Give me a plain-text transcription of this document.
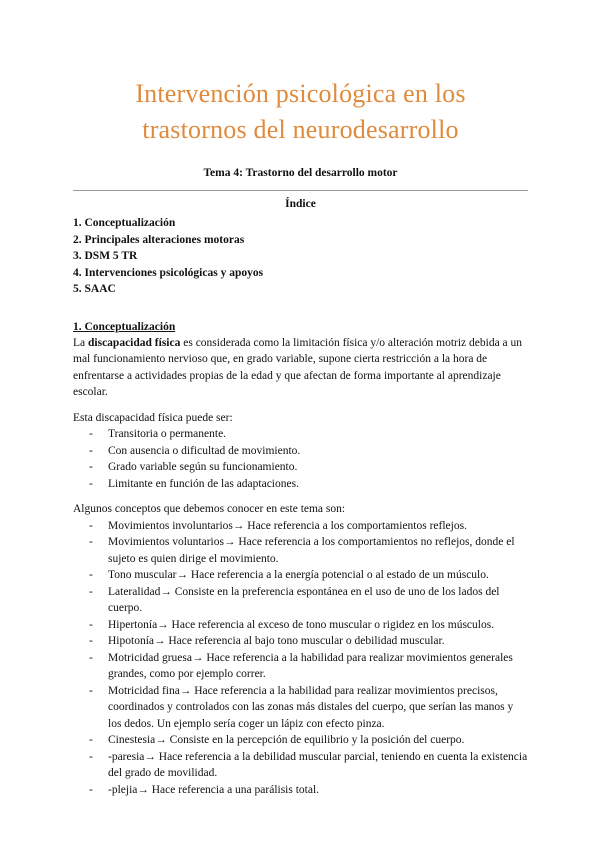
Intervención psicológica en los
trastornos del neurodesarrollo
Tema 4: Trastorno del desarrollo motor
Índice
1. Conceptualización
2. Principales alteraciones motoras
3. DSM 5 TR
4. Intervenciones psicológicas y apoyos
5. SAAC
1. Conceptualización

La discapacidad física es considerada como la limitación física y/o alteración motriz debida a un mal funcionamiento nervioso que, en grado variable, supone cierta restricción a la hora de enfrentarse a actividades propias de la edad y que afectan de forma importante al aprendizaje escolar.

Esta discapacidad física puede ser:

- Transitoria o permanente.
- Con ausencia o dificultad de movimiento.
- Grado variable según su funcionamiento.
- Limitante en función de las adaptaciones.

Algunos conceptos que debemos conocer en este tema son:

- Movimientos involuntarios→ Hace referencia a los comportamientos reflejos.
- Movimientos voluntarios→ Hace referencia a los comportamientos no reflejos, donde el sujeto es quien dirige el movimiento.
- Tono muscular→ Hace referencia a la energía potencial o al estado de un músculo.
- Lateralidad→ Consiste en la preferencia espontánea en el uso de uno de los lados del cuerpo.
- Hipertonía→ Hace referencia al exceso de tono muscular o rigidez en los músculos.
- Hipotonía→ Hace referencia al bajo tono muscular o debilidad muscular.
- Motricidad gruesa→ Hace referencia a la habilidad para realizar movimientos generales grandes, como por ejemplo correr.
- Motricidad fina→ Hace referencia a la habilidad para realizar movimientos precisos, coordinados y controlados con las zonas más distales del cuerpo, que serían las manos y los dedos. Un ejemplo sería coger un lápiz con efecto pinza.
- Cinestesia→ Consiste en la percepción de equilibrio y la posición del cuerpo.
- -paresia→ Hace referencia a la debilidad muscular parcial, teniendo en cuenta la existencia del grado de movilidad.
- -plejia→ Hace referencia a una parálisis total.
